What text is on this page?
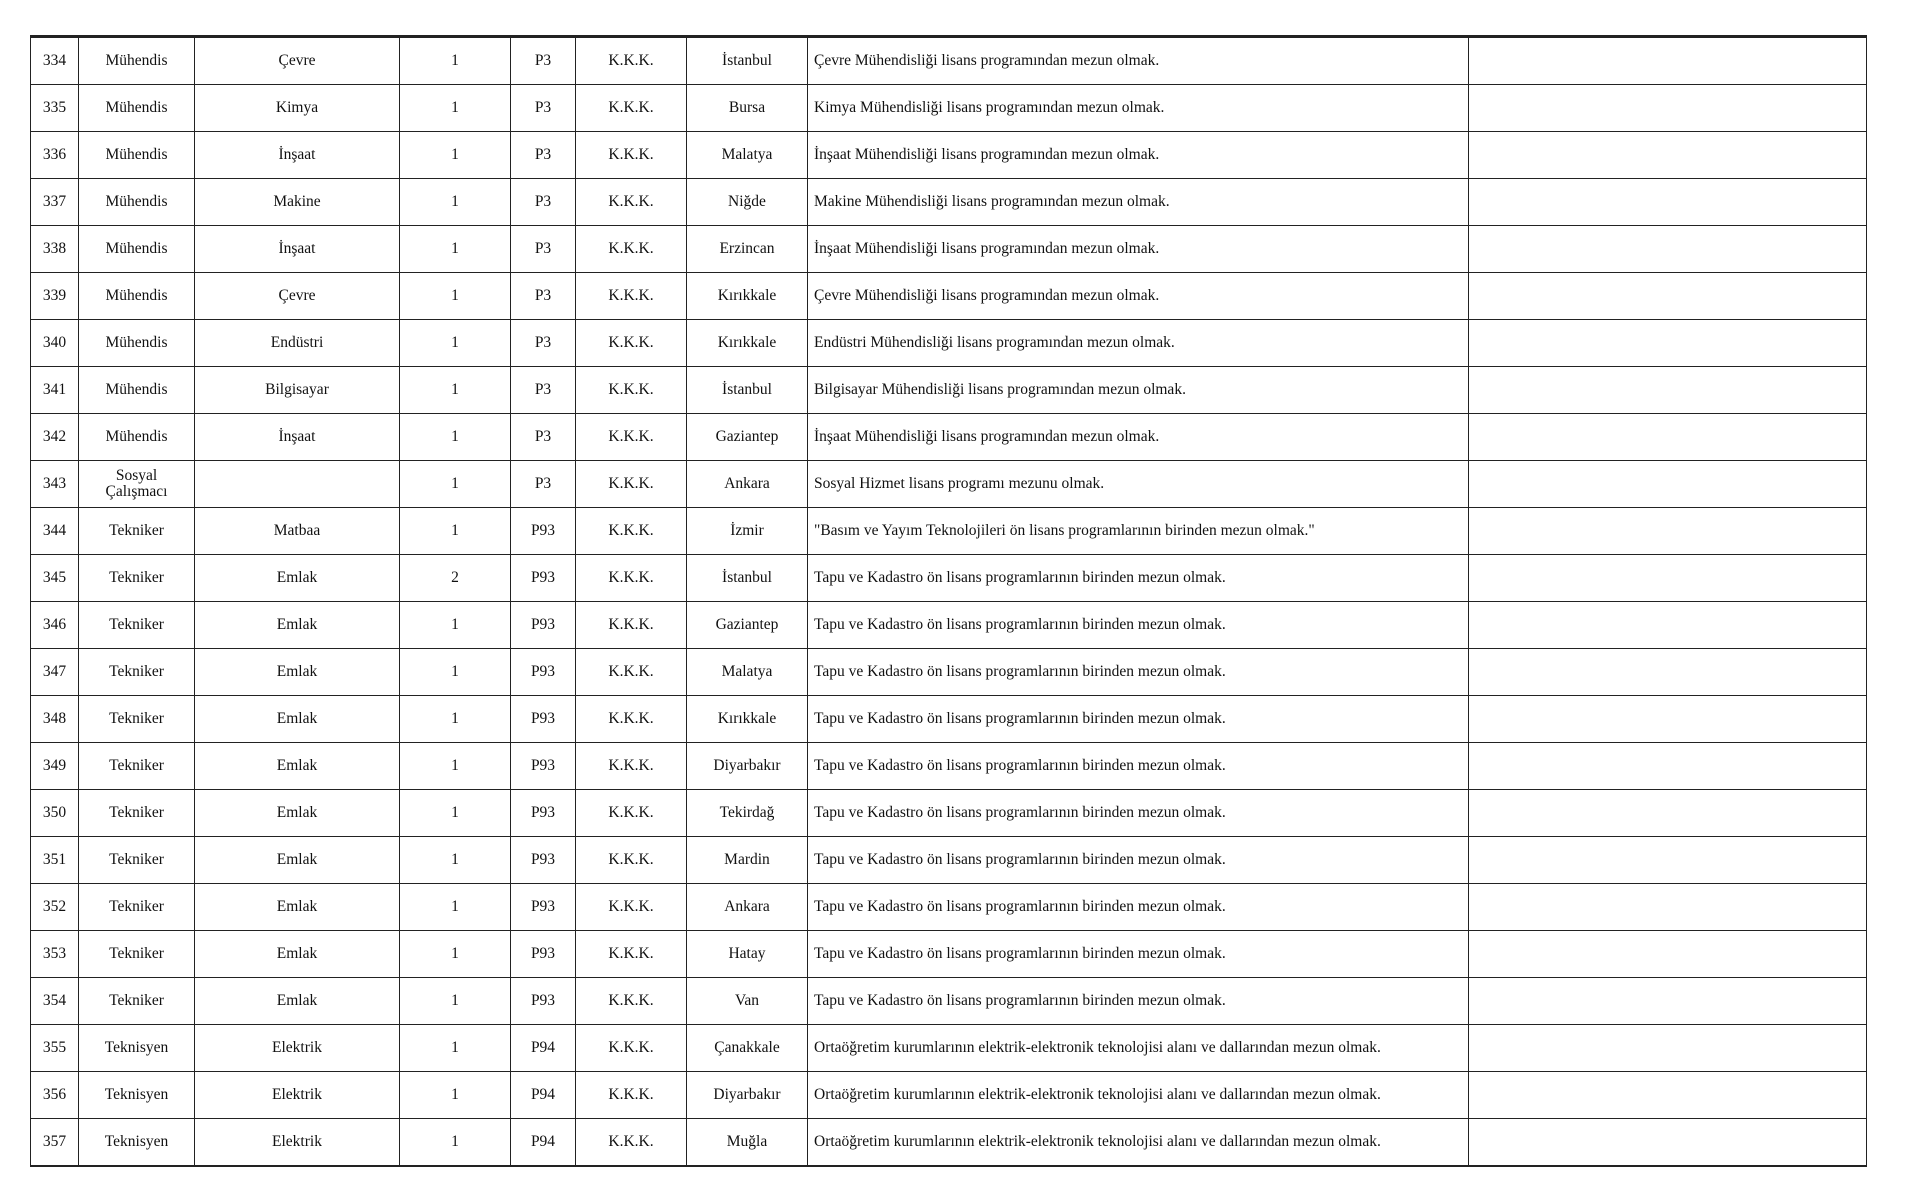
334	Mühendis	Çevre	1	P3	K.K.K.	İstanbul	Çevre Mühendisliği lisans programından mezun olmak.	
335	Mühendis	Kimya	1	P3	K.K.K.	Bursa	Kimya Mühendisliği lisans programından mezun olmak.	
336	Mühendis	İnşaat	1	P3	K.K.K.	Malatya	İnşaat Mühendisliği lisans programından mezun olmak.	
337	Mühendis	Makine	1	P3	K.K.K.	Niğde	Makine Mühendisliği lisans programından mezun olmak.	
338	Mühendis	İnşaat	1	P3	K.K.K.	Erzincan	İnşaat Mühendisliği lisans programından mezun olmak.	
339	Mühendis	Çevre	1	P3	K.K.K.	Kırıkkale	Çevre Mühendisliği lisans programından mezun olmak.	
340	Mühendis	Endüstri	1	P3	K.K.K.	Kırıkkale	Endüstri Mühendisliği lisans programından mezun olmak.	
341	Mühendis	Bilgisayar	1	P3	K.K.K.	İstanbul	Bilgisayar Mühendisliği lisans programından mezun olmak.	
342	Mühendis	İnşaat	1	P3	K.K.K.	Gaziantep	İnşaat Mühendisliği lisans programından mezun olmak.	
343	Sosyal Çalışmacı		1	P3	K.K.K.	Ankara	Sosyal Hizmet lisans programı mezunu olmak.	
344	Tekniker	Matbaa	1	P93	K.K.K.	İzmir	"Basım ve Yayım Teknolojileri ön lisans programlarının birinden mezun olmak."	
345	Tekniker	Emlak	2	P93	K.K.K.	İstanbul	Tapu ve Kadastro ön lisans programlarının birinden mezun olmak.	
346	Tekniker	Emlak	1	P93	K.K.K.	Gaziantep	Tapu ve Kadastro ön lisans programlarının birinden mezun olmak.	
347	Tekniker	Emlak	1	P93	K.K.K.	Malatya	Tapu ve Kadastro ön lisans programlarının birinden mezun olmak.	
348	Tekniker	Emlak	1	P93	K.K.K.	Kırıkkale	Tapu ve Kadastro ön lisans programlarının birinden mezun olmak.	
349	Tekniker	Emlak	1	P93	K.K.K.	Diyarbakır	Tapu ve Kadastro ön lisans programlarının birinden mezun olmak.	
350	Tekniker	Emlak	1	P93	K.K.K.	Tekirdağ	Tapu ve Kadastro ön lisans programlarının birinden mezun olmak.	
351	Tekniker	Emlak	1	P93	K.K.K.	Mardin	Tapu ve Kadastro ön lisans programlarının birinden mezun olmak.	
352	Tekniker	Emlak	1	P93	K.K.K.	Ankara	Tapu ve Kadastro ön lisans programlarının birinden mezun olmak.	
353	Tekniker	Emlak	1	P93	K.K.K.	Hatay	Tapu ve Kadastro ön lisans programlarının birinden mezun olmak.	
354	Tekniker	Emlak	1	P93	K.K.K.	Van	Tapu ve Kadastro ön lisans programlarının birinden mezun olmak.	
355	Teknisyen	Elektrik	1	P94	K.K.K.	Çanakkale	Ortaöğretim kurumlarının elektrik-elektronik teknolojisi alanı ve dallarından mezun olmak.	
356	Teknisyen	Elektrik	1	P94	K.K.K.	Diyarbakır	Ortaöğretim kurumlarının elektrik-elektronik teknolojisi alanı ve dallarından mezun olmak.	
357	Teknisyen	Elektrik	1	P94	K.K.K.	Muğla	Ortaöğretim kurumlarının elektrik-elektronik teknolojisi alanı ve dallarından mezun olmak.	
